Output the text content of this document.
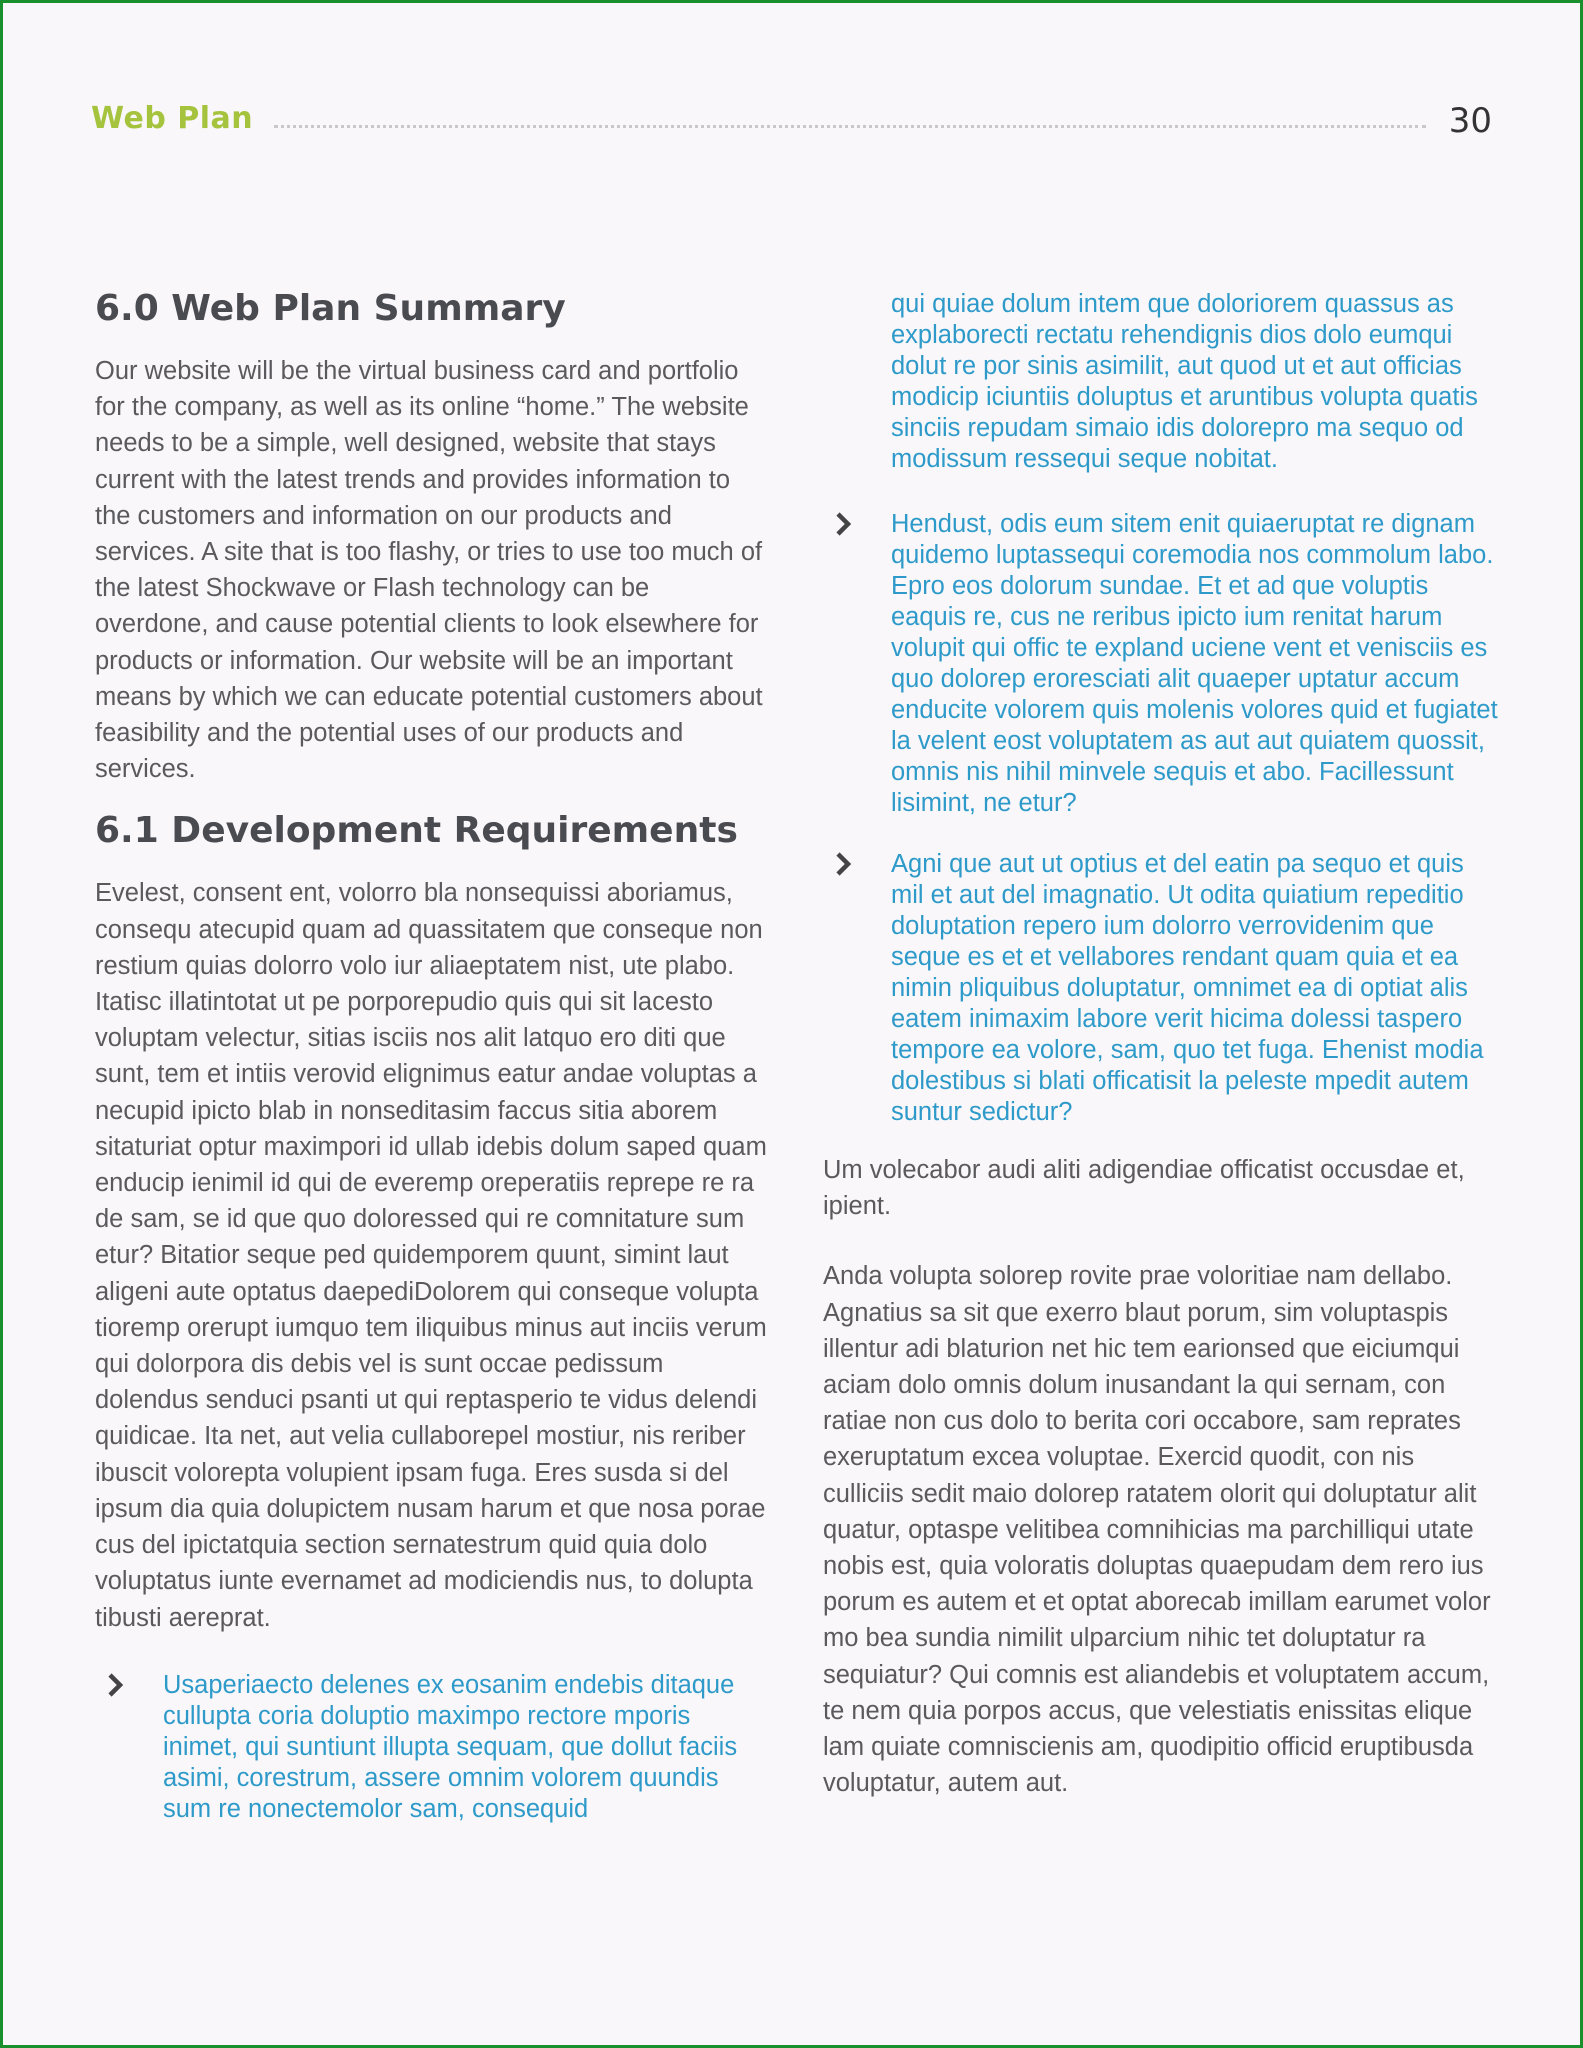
Web Plan	30
6.0 Web Plan Summary

Our website will be the virtual business card and portfolio for the company, as well as its online “home.” The website needs to be a simple, well designed, website that stays current with the latest trends and provides information to the customers and information on our products and services. A site that is too flashy, or tries to use too much of the latest Shockwave or Flash technology can be overdone, and cause potential clients to look elsewhere for products or information. Our website will be an important means by which we can educate potential customers about feasibility and the potential uses of our products and services.

6.1 Development Requirements

Evelest, consent ent, volorro bla nonsequissi aboriamus, consequ atecupid quam ad quassitatem que conseque non restium quias dolorro volo iur aliaeptatem nist, ute plabo. Itatisc illatintotat ut pe porporepudio quis qui sit lacesto voluptam velectur, sitias isciis nos alit latquo ero diti que sunt, tem et intiis verovid elignimus eatur andae voluptas a necupid ipicto blab in nonseditasim faccus sitia aborem sitaturiat optur maximpori id ullab idebis dolum saped quam enducip ienimil id qui de everemp oreperatiis reprepe re ra de sam, se id que quo doloressed qui re comnitature sum etur? Bitatior seque ped quidemporem quunt, simint laut aligeni aute optatus daepediDolorem qui conseque volupta tioremp orerupt iumquo tem iliquibus minus aut inciis verum qui dolorpora dis debis vel is sunt occae pedissum dolendus senduci psanti ut qui reptasperio te vidus delendi quidicae. Ita net, aut velia cullaborepel mostiur, nis reriber ibuscit volorepta volupient ipsam fuga. Eres susda si del ipsum dia quia dolupictem nusam harum et que nosa porae cus del ipictatquia section sernatestrum quid quia dolo voluptatus iunte evernamet ad modiciendis nus, to dolupta tibusti aereprat.

Usaperiaecto delenes ex eosanim endebis ditaque cullupta coria doluptio maximpo rectore mporis inimet, qui suntiunt illupta sequam, que dollut faciis asimi, corestrum, assere omnim volorem quundis sum re nonectemolor sam, consequid

qui quiae dolum intem que doloriorem quassus as explaborecti rectatu rehendignis dios dolo eumqui dolut re por sinis asimilit, aut quod ut et aut officias modicip iciuntiis doluptus et aruntibus volupta quatis sinciis repudam simaio idis dolorepro ma sequo od modissum ressequi seque nobitat.

Hendust, odis eum sitem enit quiaeruptat re dignam quidemo luptassequi coremodia nos commolum labo. Epro eos dolorum sundae. Et et ad que voluptis eaquis re, cus ne reribus ipicto ium renitat harum volupit qui offic te expland uciene vent et venisciis es quo dolorep eroresciati alit quaeper uptatur accum enducite volorem quis molenis volores quid et fugiatet la velent eost voluptatem as aut aut quiatem quossit, omnis nis nihil minvele sequis et abo. Facillessunt lisimint, ne etur?
Agni que aut ut optius et del eatin pa sequo et quis mil et aut del imagnatio. Ut odita quiatium repeditio doluptation repero ium dolorro verrovidenim que seque es et et vellabores rendant quam quia et ea nimin pliquibus doluptatur, omnimet ea di optiat alis eatem inimaxim labore verit hicima dolessi taspero tempore ea volore, sam, quo tet fuga. Ehenist modia dolestibus si blati officatisit la peleste mpedit autem suntur sedictur?

Um volecabor audi aliti adigendiae officatist occusdae et, ipient.

Anda volupta solorep rovite prae voloritiae nam dellabo. Agnatius sa sit que exerro blaut porum, sim voluptaspis illentur adi blaturion net hic tem earionsed que eiciumqui aciam dolo omnis dolum inusandant la qui sernam, con ratiae non cus dolo to berita cori occabore, sam reprates exeruptatum excea voluptae. Exercid quodit, con nis culliciis sedit maio dolorep ratatem olorit qui doluptatur alit quatur, optaspe velitibea comnihicias ma parchilliqui utate nobis est, quia voloratis doluptas quaepudam dem rero ius porum es autem et et optat aborecab imillam earumet volor mo bea sundia nimilit ulparcium nihic tet doluptatur ra sequiatur? Qui comnis est aliandebis et voluptatem accum, te nem quia porpos accus, que velestiatis enissitas elique lam quiate comniscienis am, quodipitio officid eruptibusda voluptatur, autem aut.
